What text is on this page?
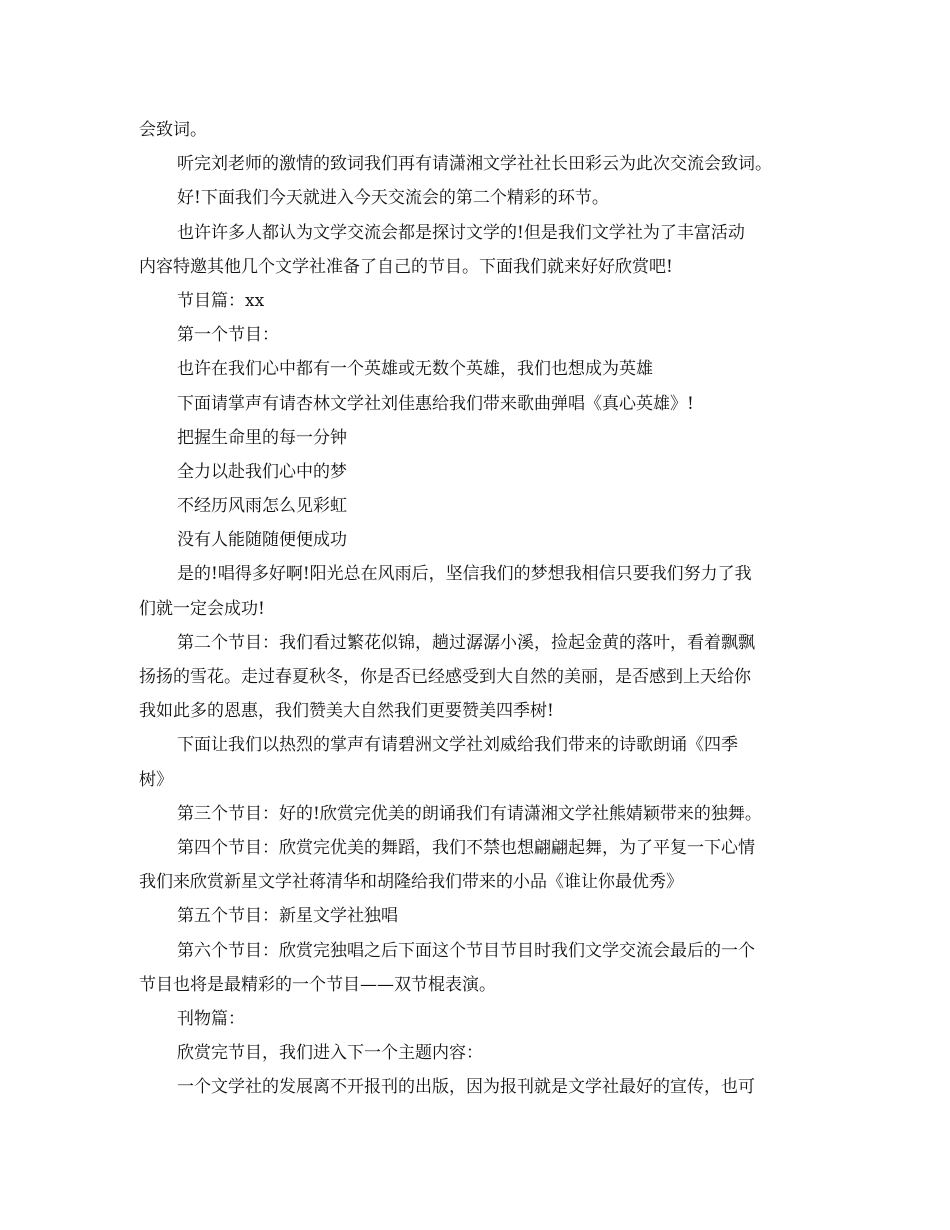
会致词。
听完刘老师的激情的致词我们再有请潇湘文学社社长田彩云为此次交流会致词。
好!下面我们今天就进入今天交流会的第二个精彩的环节。
也许许多人都认为文学交流会都是探讨文学的!但是我们文学社为了丰富活动
内容特邀其他几个文学社准备了自己的节目。下面我们就来好好欣赏吧!
节目篇：xx
第一个节目：
也许在我们心中都有一个英雄或无数个英雄，我们也想成为英雄
下面请掌声有请杏林文学社刘佳惠给我们带来歌曲弹唱《真心英雄》!
把握生命里的每一分钟
全力以赴我们心中的梦
不经历风雨怎么见彩虹
没有人能随随便便成功
是的!唱得多好啊!阳光总在风雨后，坚信我们的梦想我相信只要我们努力了我
们就一定会成功!
第二个节目：我们看过繁花似锦，趟过潺潺小溪，捡起金黄的落叶，看着飘飘
扬扬的雪花。走过春夏秋冬，你是否已经感受到大自然的美丽，是否感到上天给你
我如此多的恩惠，我们赞美大自然我们更要赞美四季树!
下面让我们以热烈的掌声有请碧洲文学社刘威给我们带来的诗歌朗诵《四季
树》
第三个节目：好的!欣赏完优美的朗诵我们有请潇湘文学社熊婧颖带来的独舞。
第四个节目：欣赏完优美的舞蹈，我们不禁也想翩翩起舞，为了平复一下心情
我们来欣赏新星文学社蒋清华和胡隆给我们带来的小品《谁让你最优秀》
第五个节目：新星文学社独唱
第六个节目：欣赏完独唱之后下面这个节目节目时我们文学交流会最后的一个
节目也将是最精彩的一个节目——双节棍表演。
刊物篇：
欣赏完节目，我们进入下一个主题内容：
一个文学社的发展离不开报刊的出版，因为报刊就是文学社最好的宣传，也可
